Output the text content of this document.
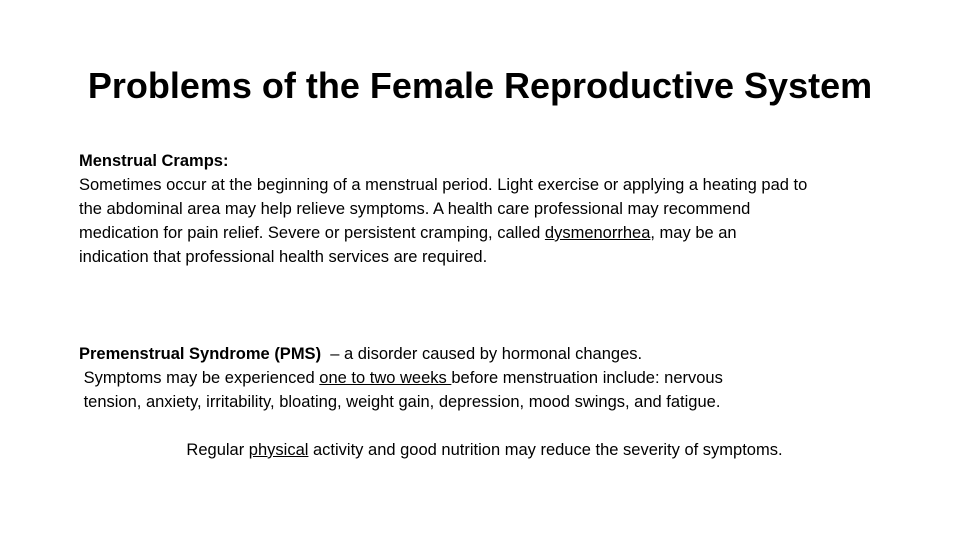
Problems of the Female Reproductive System
Menstrual Cramps:
Sometimes occur at the beginning of a menstrual period. Light exercise or applying a heating pad to
the abdominal area may help relieve symptoms. A health care professional may recommend
medication for pain relief. Severe or persistent cramping, called dysmenorrhea, may be an
indication that professional health services are required.
Premenstrual Syndrome (PMS)  – a disorder caused by hormonal changes.
Symptoms may be experienced one to two weeks before menstruation include: nervous
tension, anxiety, irritability, bloating, weight gain, depression, mood swings, and fatigue.
Regular physical activity and good nutrition may reduce the severity of symptoms.
